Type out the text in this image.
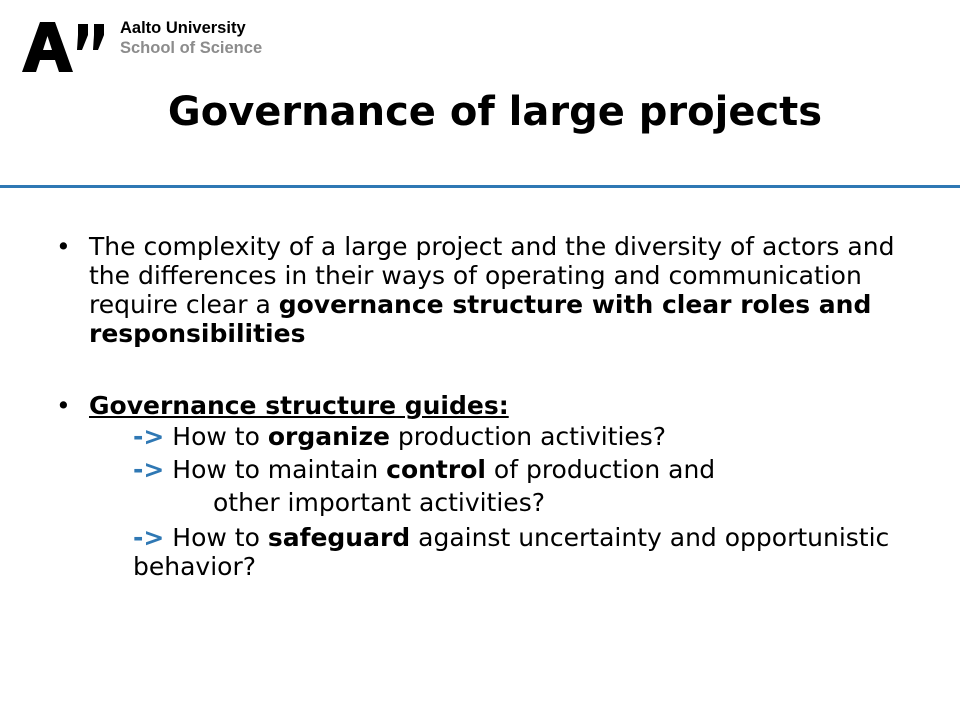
Aalto University
School of Science
Governance of large projects
• The complexity of a large project and the diversity of actors and the differences in their ways of operating and communication require clear a governance structure with clear roles and responsibilities
• Governance structure guides:
-> How to organize production activities?
-> How to maintain control of production and
other important activities?
-> How to safeguard against uncertainty and opportunistic behavior?
